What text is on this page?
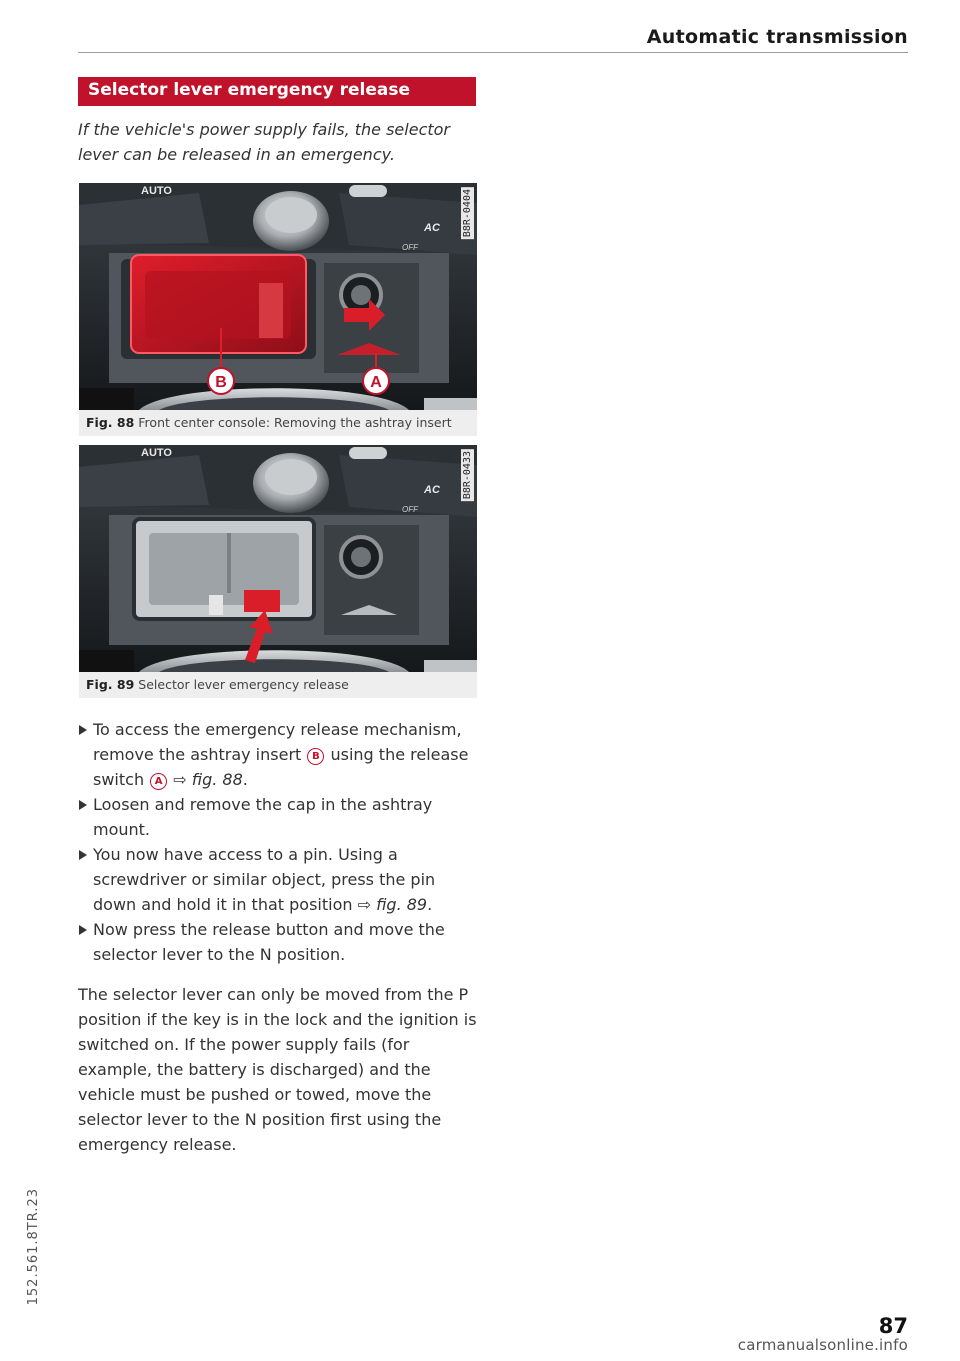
Automatic transmission
Selector lever emergency release
If the vehicle's power supply fails, the selector lever can be released in an emergency.
AUTO
AC
OFF
B	A
B8R-0404
Fig. 88 Front center console: Removing the ashtray insert
AUTO
AC
OFF
B8R-0433
Fig. 89 Selector lever emergency release
To access the emergency release mechanism, remove the ashtray insert B using the release switch A ⇨ fig. 88.
Loosen and remove the cap in the ashtray mount.
You now have access to a pin. Using a screwdriver or similar object, press the pin down and hold it in that position ⇨ fig. 89.
Now press the release button and move the selector lever to the N position.
The selector lever can only be moved from the P position if the key is in the lock and the ignition is switched on. If the power supply fails (for example, the battery is discharged) and the vehicle must be pushed or towed, move the selector lever to the N position first using the emergency release.
152.561.8TR.23
87
carmanualsonline.info
